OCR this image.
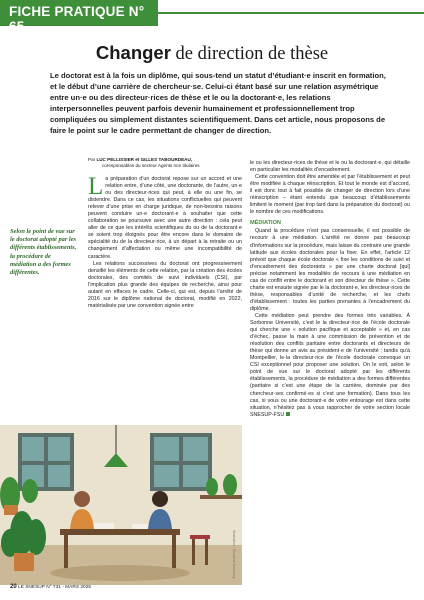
FICHE PRATIQUE N° 65
Changer de direction de thèse
Le doctorat est à la fois un diplôme, qui sous-tend un statut d’étudiant·e inscrit en formation, et le début d’une carrière de chercheur·se. Celui-ci étant basé sur une relation asymétrique entre un·e ou des directeur·rices de thèse et le ou la doctorant·e, les relations interpersonnelles peuvent parfois devenir humainement et professionnellement trop compliquées ou simplement distantes scientifiquement. Dans cet article, nous proposons de faire le point sur le cadre permettant de changer de direction.
Par LUC PELLISSIER et GILLES TABOURDEAU,
coresponsables du secteur Agents non titulaires
Selon le point de vue sur le doctorat adopté par les différents établissements, la procédure de médiation a des formes différentes.

La préparation d’un doctorat repose sur un accord et une relation entre, d’une côté, une doctorante, de l’autre, un·e ou des directeur·rices qui peut, à elle ou une fin, se distendre. Dans ce cas, les situations conflictuelles qui peuvent relever d’une prise en charge juridique, de non-besoins raisons peuvent conduire un·e doctorant·e à souhaiter que cette collaboration se poursuive avec une autre direction : cela peut aller de ce que les intérêts scientifiques du ou de la doctorant·e se soient trop éloignés pour être encore dans le domaine de spécialité du de la directeur·rice, à un départ à la retraite ou un changement d’affectation ou même une incompatibilité de caractère.

Les relations successives du doctorat ont progressivement densifié les éléments de cette relation, par la création des écoles doctorales, des comités de suivi individuels (CSI), par l’implication plus grande des équipes de recherche, ainsi pour autant en effaces le cadre. Celle-ci, qui est, depuis l’arrêté de 2016 sur le diplôme national de doctorat, modifié en 2022, matérialisée par une convention signée entre

le ou les directeur·rices de thèse et le ou la doctorant·e, qui détaille en particulier les modalités d’encadrement.

Cette convention doit être amendée et par l’établissement et peut être modifiée à chaque réinscription. Et tout le monde est d’accord, il est donc tout à fait possible de changer de direction lors d’une réinscription – étant entendu que beaucoup d’établissements limitent le moment (par trop tard dans la préparation du doctorat) ou le nombre de ces modifications.

MÉDIATION

Quand la procédure n’est pas consensuelle, il est possible de recourir à une médiation. L’arrêté ne donne pas beaucoup d’informations sur la procédure, mais laisse du contraire une grande latitude aux écoles doctorales pour la fixer. En effet, l’article 12 prévoit que chaque école doctorale « fixe les conditions de suivi et d’encadrement des doctorants » par une charte doctorat [qui] précise notamment les modalités de recours à une médiation en cas de conflit entre le doctorant et son directeur de thèse ». Cette charte est ensuite signée par le la doctorant·e, les directeur·rices de thèse, responsables d’unité de recherche, et les chefs d’établissement : toutes les parties prenantes à l’encadrement du diplôme.

Cette médiation peut prendre des formes très variables. À Sorbonne Université, c’est le la directeur·rice de l’école doctorale qui cherche une « solution pacifique et acceptable » et, en cas d’échec, passe la main à une commission de prévention et de résolution des conflits paritaire entre doctorants et directeurs de thèse qui donne un avis au président·e de l’université ; tandis qu’à Montpellier, le·la directeur·rice de l’école doctorale convoque un CSI exceptionnel pour proposer une solution. On le voit, selon le point de vue sur le doctorat adopté par les différents établissements, la procédure de médiation a des formes différentes (paritaire si c’est une étape de la carrière, dominée par des chercheur·ses confirmé·es si c’est une formation). Dans tous les cas, si vous ou une doctorant·e de votre entourage est dans cette situation, n’hésitez pas à vous rapprocher de votre section locale SNESUP-FSU

Illustration : Claudine Delaunay
20 LE SNESUP N° 731 - MARS 2025
